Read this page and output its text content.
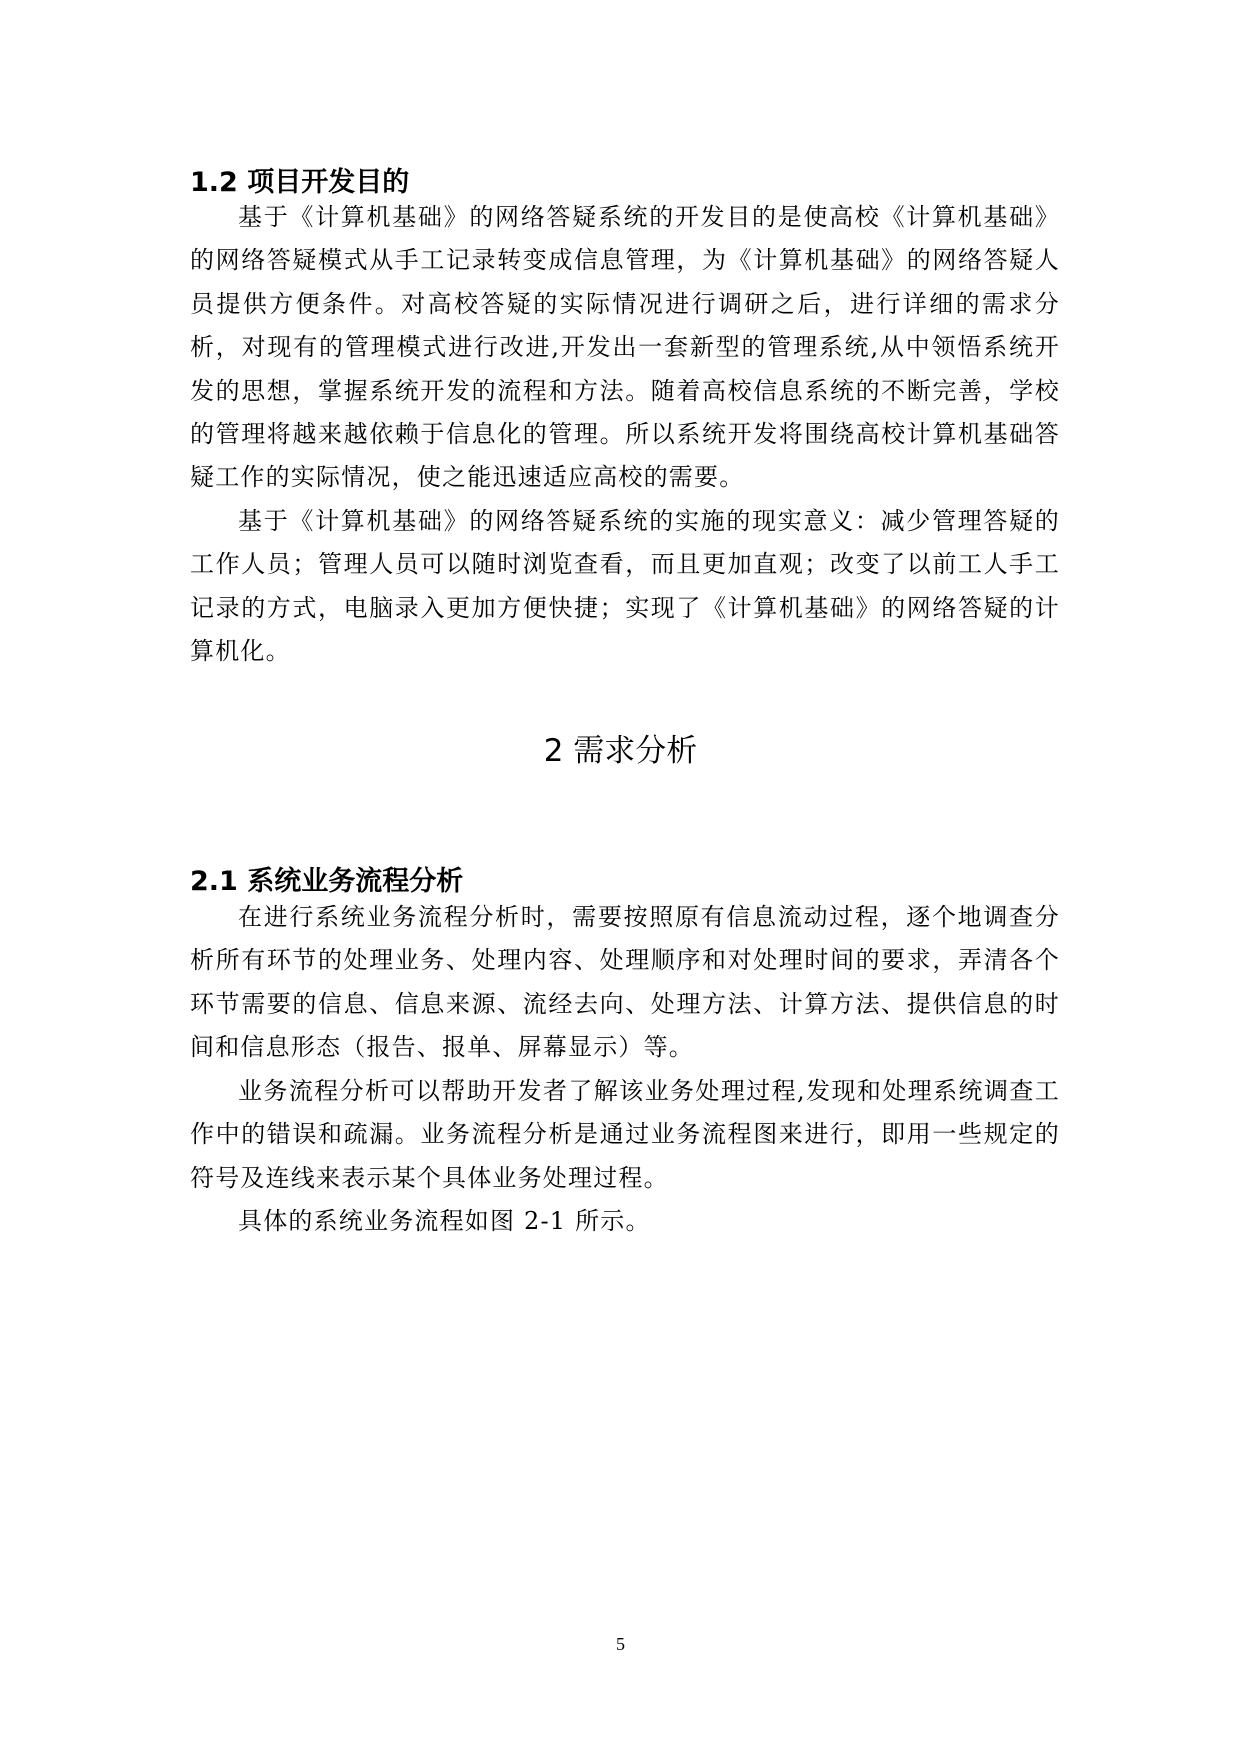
1.2 项目开发目的

基于《计算机基础》的网络答疑系统的开发目的是使高校《计算机基础》的网络答疑模式从手工记录转变成信息管理，为《计算机基础》的网络答疑人员提供方便条件。对高校答疑的实际情况进行调研之后，进行详细的需求分析，对现有的管理模式进行改进,开发出一套新型的管理系统,从中领悟系统开发的思想，掌握系统开发的流程和方法。随着高校信息系统的不断完善，学校的管理将越来越依赖于信息化的管理。所以系统开发将围绕高校计算机基础答疑工作的实际情况，使之能迅速适应高校的需要。

基于《计算机基础》的网络答疑系统的实施的现实意义：减少管理答疑的工作人员；管理人员可以随时浏览查看，而且更加直观；改变了以前工人手工记录的方式，电脑录入更加方便快捷；实现了《计算机基础》的网络答疑的计算机化。

2 需求分析
2.1 系统业务流程分析

在进行系统业务流程分析时，需要按照原有信息流动过程，逐个地调查分析所有环节的处理业务、处理内容、处理顺序和对处理时间的要求，弄清各个环节需要的信息、信息来源、流经去向、处理方法、计算方法、提供信息的时间和信息形态（报告、报单、屏幕显示）等。

业务流程分析可以帮助开发者了解该业务处理过程,发现和处理系统调查工作中的错误和疏漏。业务流程分析是通过业务流程图来进行，即用一些规定的符号及连线来表示某个具体业务处理过程。

具体的系统业务流程如图 2-1 所示。

5
